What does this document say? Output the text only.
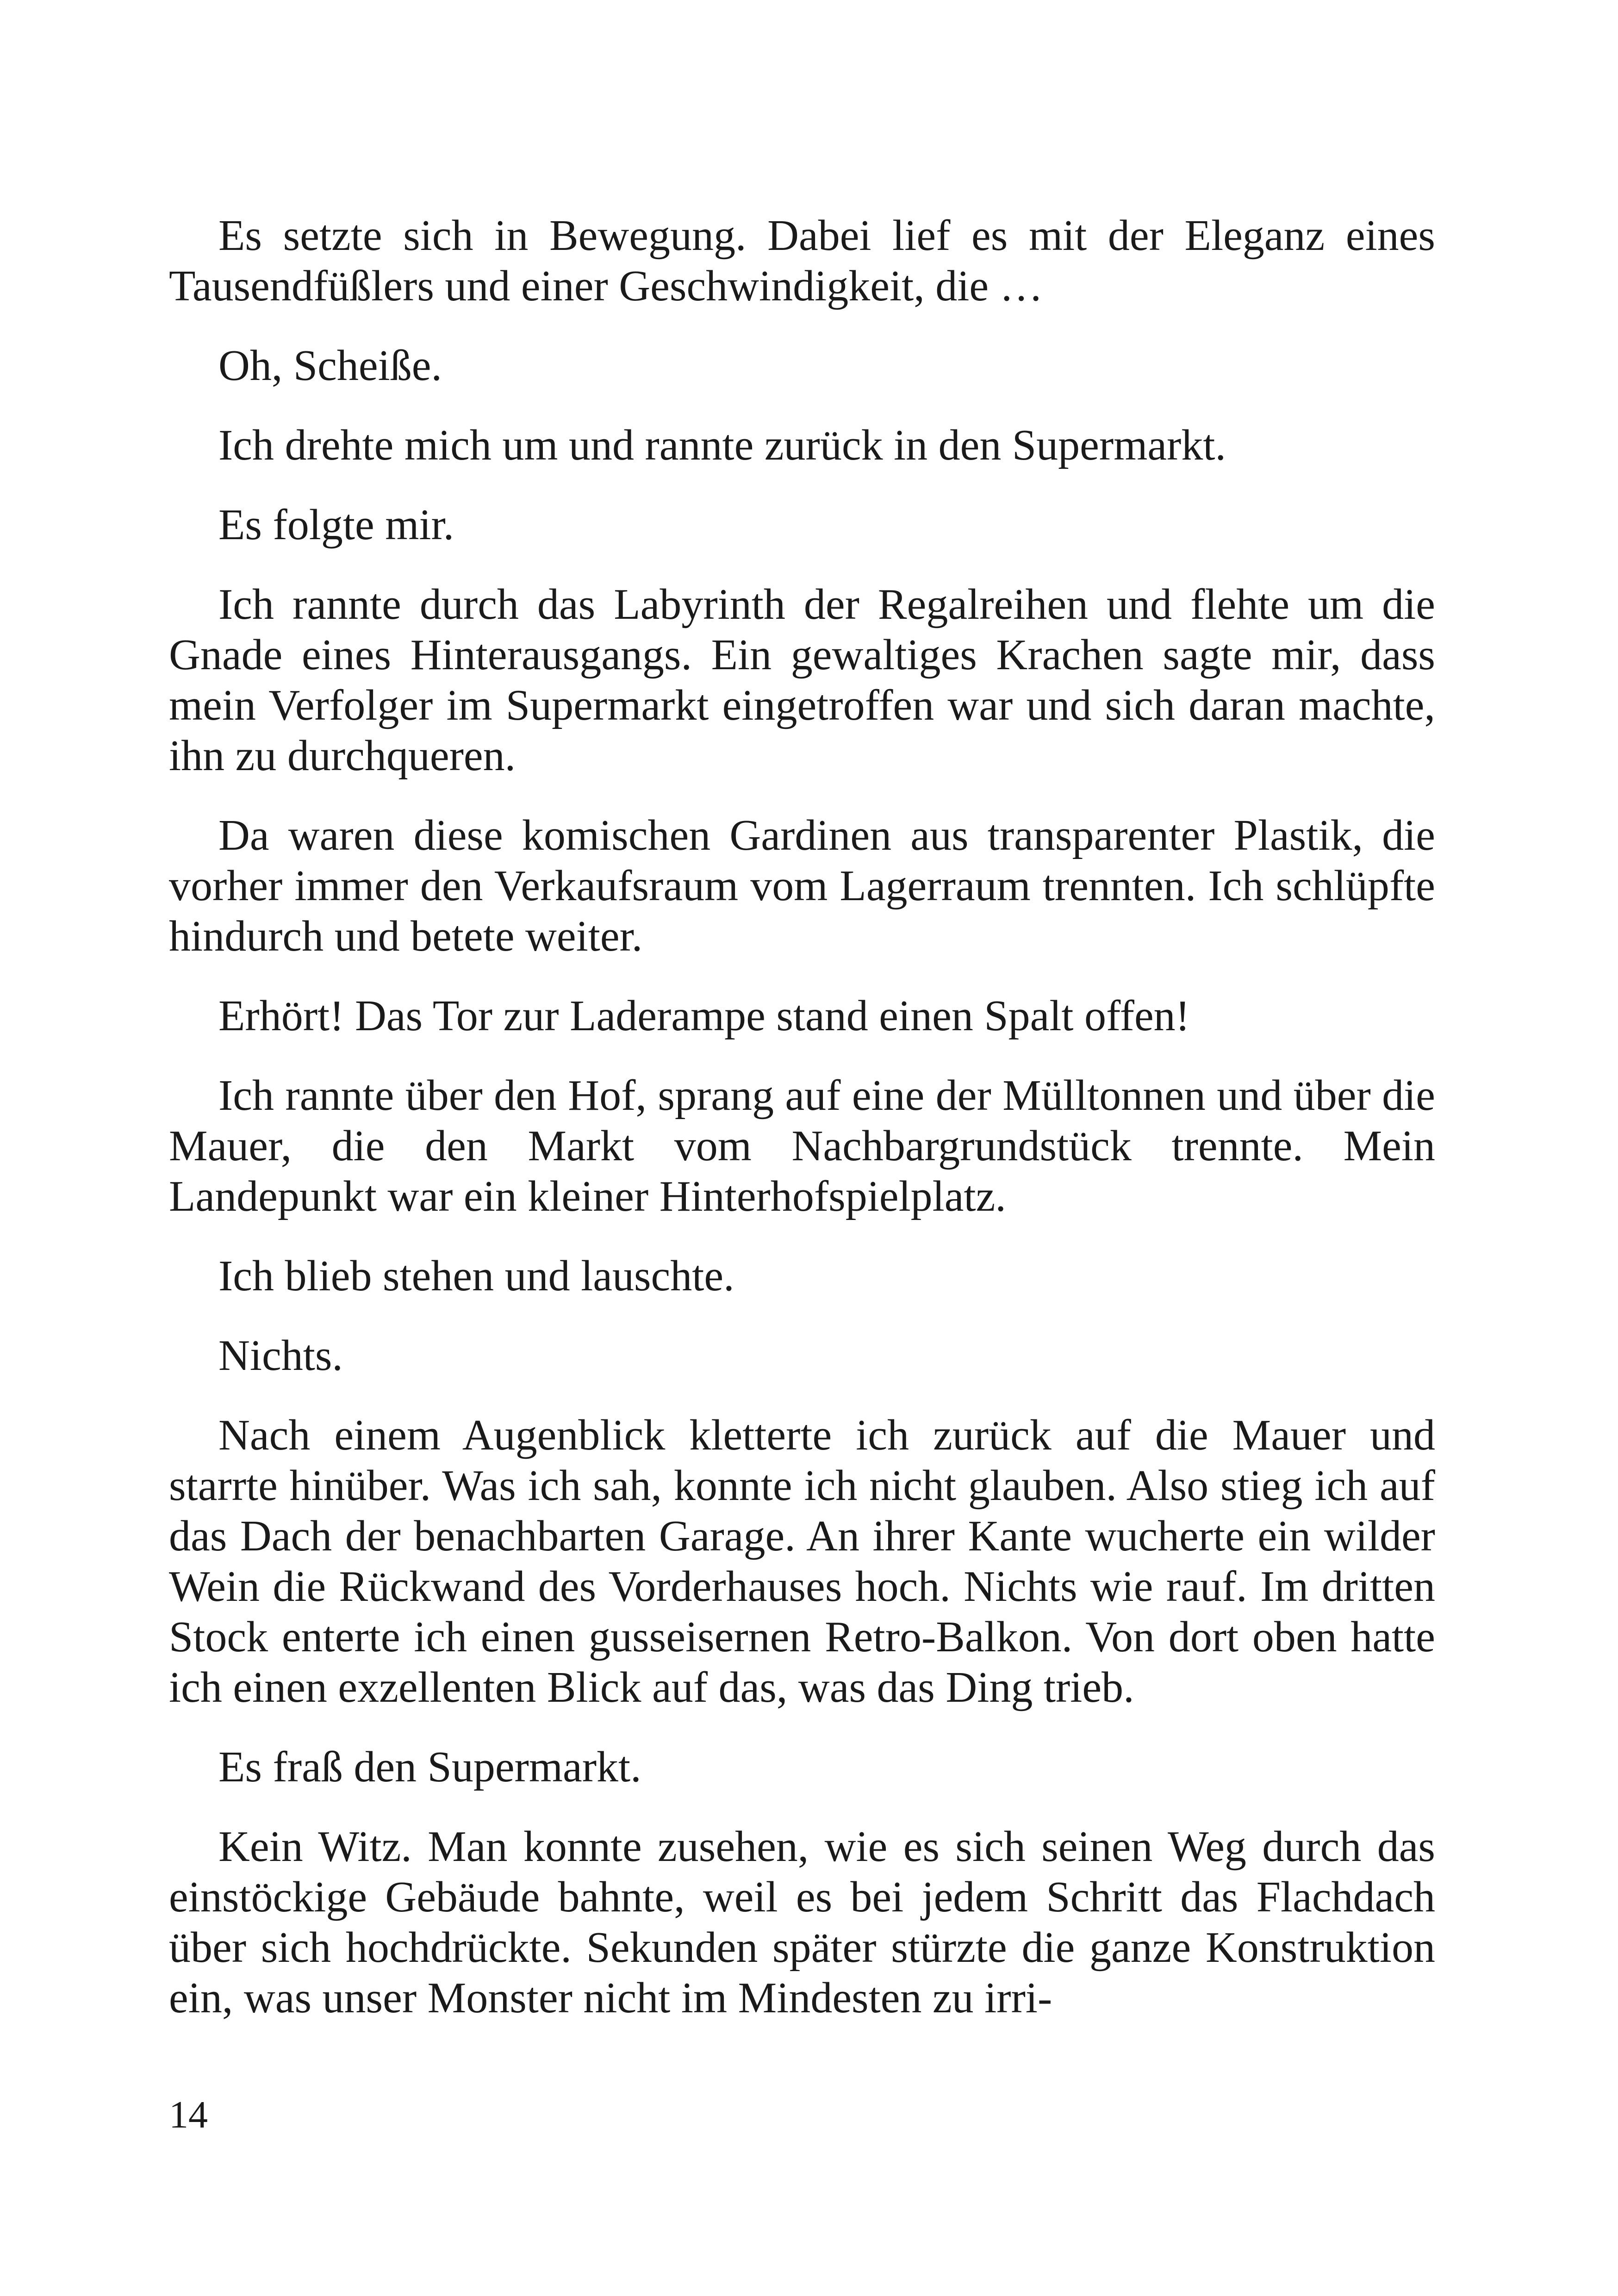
Es setzte sich in Bewegung. Dabei lief es mit der Eleganz eines Tausendfüßlers und einer Geschwindigkeit, die …

Oh, Scheiße.

Ich drehte mich um und rannte zurück in den Supermarkt.

Es folgte mir.

Ich rannte durch das Labyrinth der Regalreihen und flehte um die Gnade eines Hinterausgangs. Ein gewaltiges Krachen sagte mir, dass mein Verfolger im Supermarkt eingetroffen war und sich daran machte, ihn zu durchqueren.

Da waren diese komischen Gardinen aus transparenter Plastik, die vorher immer den Verkaufsraum vom Lagerraum trennten. Ich schlüpfte hindurch und betete weiter.

Erhört! Das Tor zur Laderampe stand einen Spalt offen!

Ich rannte über den Hof, sprang auf eine der Mülltonnen und über die Mauer, die den Markt vom Nachbargrundstück trennte. Mein Landepunkt war ein kleiner Hinterhofspielplatz.

Ich blieb stehen und lauschte.

Nichts.

Nach einem Augenblick kletterte ich zurück auf die Mauer und starrte hinüber. Was ich sah, konnte ich nicht glauben. Also stieg ich auf das Dach der benachbarten Garage. An ihrer Kante wucherte ein wilder Wein die Rückwand des Vorderhauses hoch. Nichts wie rauf. Im dritten Stock enterte ich einen gusseisernen Retro-Balkon. Von dort oben hatte ich einen exzellenten Blick auf das, was das Ding trieb.

Es fraß den Supermarkt.

Kein Witz. Man konnte zusehen, wie es sich seinen Weg durch das einstöckige Gebäude bahnte, weil es bei jedem Schritt das Flachdach über sich hochdrückte. Sekunden später stürzte die ganze Konstruktion ein, was unser Monster nicht im Mindesten zu irri-

14
